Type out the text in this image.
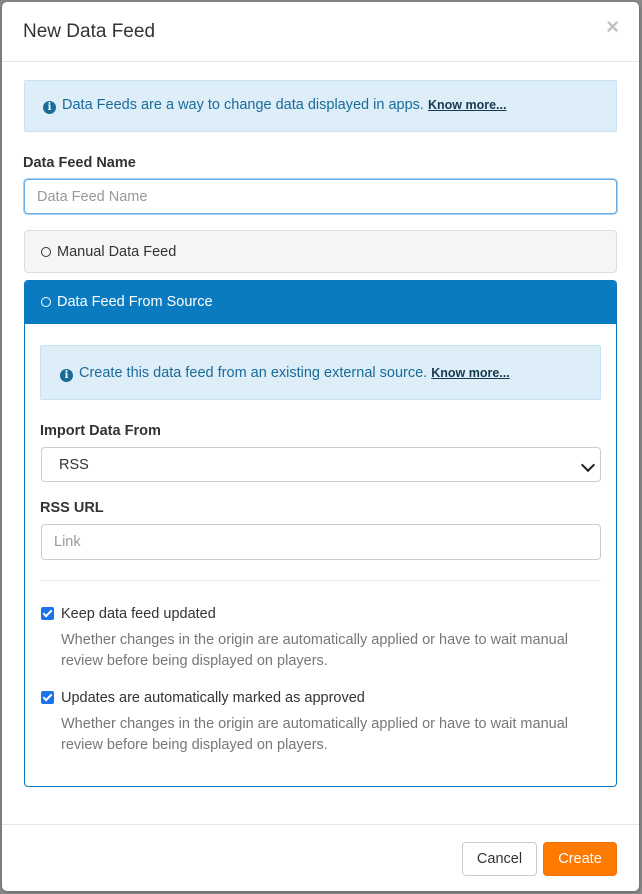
New Data Feed	×
i Data Feeds are a way to change data displayed in apps. Know more...
Data Feed Name
Data Feed Name
Manual Data Feed
Data Feed From Source
i Create this data feed from an existing external source. Know more...
Import Data From
RSS
RSS URL
Link
Keep data feed updated
Whether changes in the origin are automatically applied or have to wait manual review before being displayed on players.
Updates are automatically marked as approved
Whether changes in the origin are automatically applied or have to wait manual review before being displayed on players.
Cancel	Create
